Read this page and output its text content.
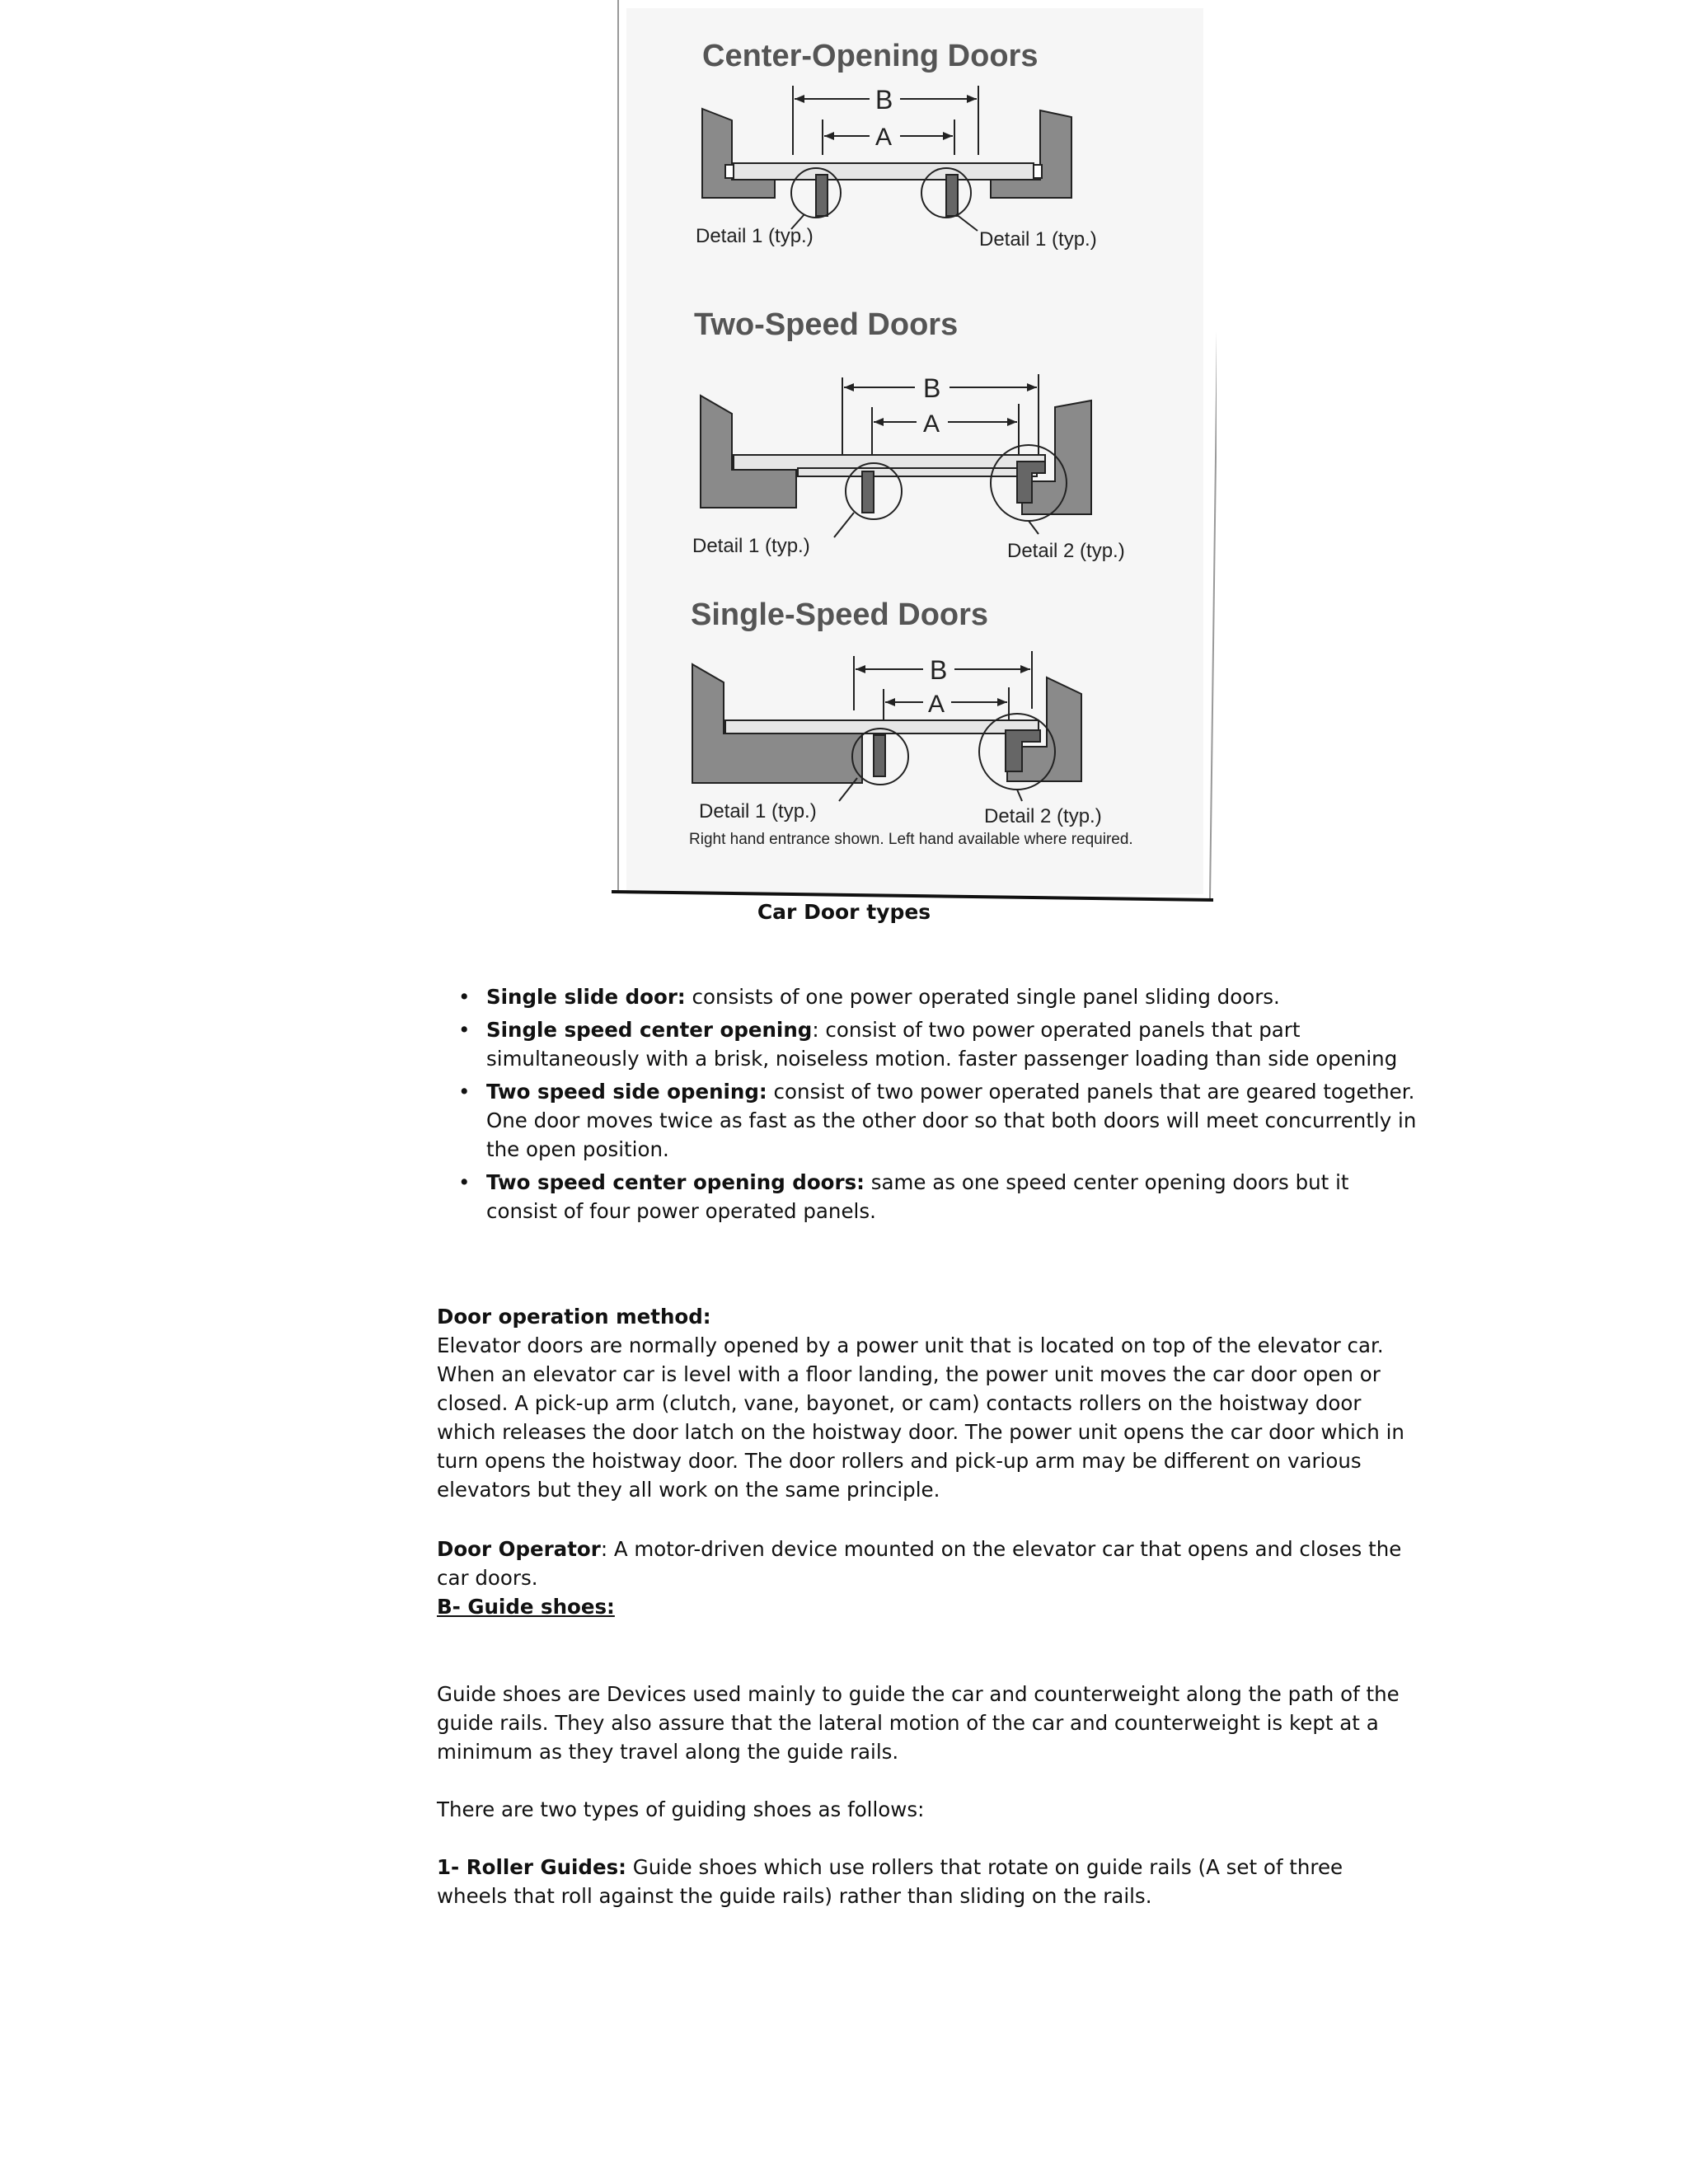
Center-Opening Doors
B
A
Detail 1 (typ.)	Detail 1 (typ.)
Two-Speed Doors
B
A
Detail 1 (typ.)	Detail 2 (typ.)
Single-Speed Doors
B
A
Detail 1 (typ.)	Detail 2 (typ.)
Right hand entrance shown. Left hand available where required.
Car Door types
• Single slide door: consists of one power operated single panel sliding doors.
• Single speed center opening: consist of two power operated panels that part simultaneously with a brisk, noiseless motion. faster passenger loading than side opening
• Two speed side opening: consist of two power operated panels that are geared together. One door moves twice as fast as the other door so that both doors will meet concurrently in the open position.
• Two speed center opening doors: same as one speed center opening doors but it consist of four power operated panels.

Door operation method:

Elevator doors are normally opened by a power unit that is located on top of the elevator car. When an elevator car is level with a floor landing, the power unit moves the car door open or closed. A pick-up arm (clutch, vane, bayonet, or cam) contacts rollers on the hoistway door which releases the door latch on the hoistway door. The power unit opens the car door which in turn opens the hoistway door. The door rollers and pick-up arm may be different on various elevators but they all work on the same principle.

Door Operator: A motor-driven device mounted on the elevator car that opens and closes the car doors.

B- Guide shoes:

Guide shoes are Devices used mainly to guide the car and counterweight along the path of the guide rails. They also assure that the lateral motion of the car and counterweight is kept at a minimum as they travel along the guide rails.

There are two types of guiding shoes as follows:

1- Roller Guides: Guide shoes which use rollers that rotate on guide rails (A set of three wheels that roll against the guide rails) rather than sliding on the rails.
